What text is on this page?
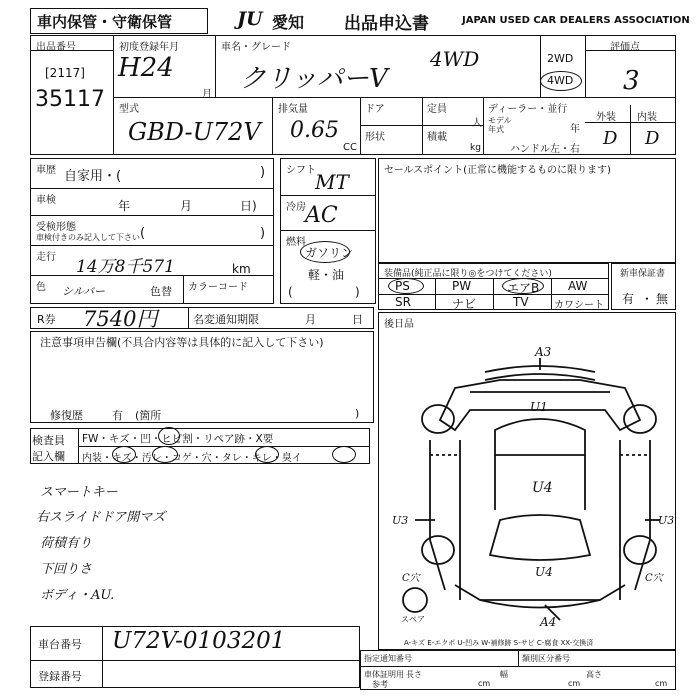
車内保管・守衛保管	JU 愛知 出品申込書	JAPAN USED CAR DEALERS ASSOCIATION
出品番号
[2117]
35117
初度登録年月
H24
月
車名・グレード
クリッパーV
4WD	2WD
4WD
評価点
3
外装 内装
D D
型式
GBD-U72V
排気量
0.65
CC
ドア	定員
人
形状	積載
kg
ディーラー・並行
モデル年式	年
ハンドル 左・右
車歴 自家用・(	)
車検	年	月	日)
受検形態
車検付きのみ記入して下さい (	)
走行 14万8千571	km
色 シルバー	色替 カラーコード
シフト MT
冷房 AC
燃料
ガソリン
軽・油
(	)
セールスポイント(正常に機能するものに限ります)
装備品(純正品に限り◎をつけてください)
PS	PW	エアB AW
SR	ナビ	TV	カワシート
新車保証書
有 ・ 無
R券 7540円	名変通知期限	月	日
注意事項申告欄(不具合内容等は具体的に記入して下さい)
修復歴	有 (箇所	)
検査員
記入欄
FW・キズ・凹・ヒビ割・リペア跡・X要
内装・キズ・汚レ・コゲ・穴・タレ・キレ・臭イ
スマートキー
右スライドドア開マズ
荷積有り
下回りさ
ボディ・AU.
後日品
A3
U1
U4
U3	U3
U4
C穴	C穴
A4
スペア
A-キズ E-エクボ U-凹み W-補修跡 S-サビ C-腐食 XX-交換済
車台番号 U72V-0103201
登録番号
指定通知番号	類別区分番号
車体証明用
参考
長さ
cm
幅
cm
高さ
cm
